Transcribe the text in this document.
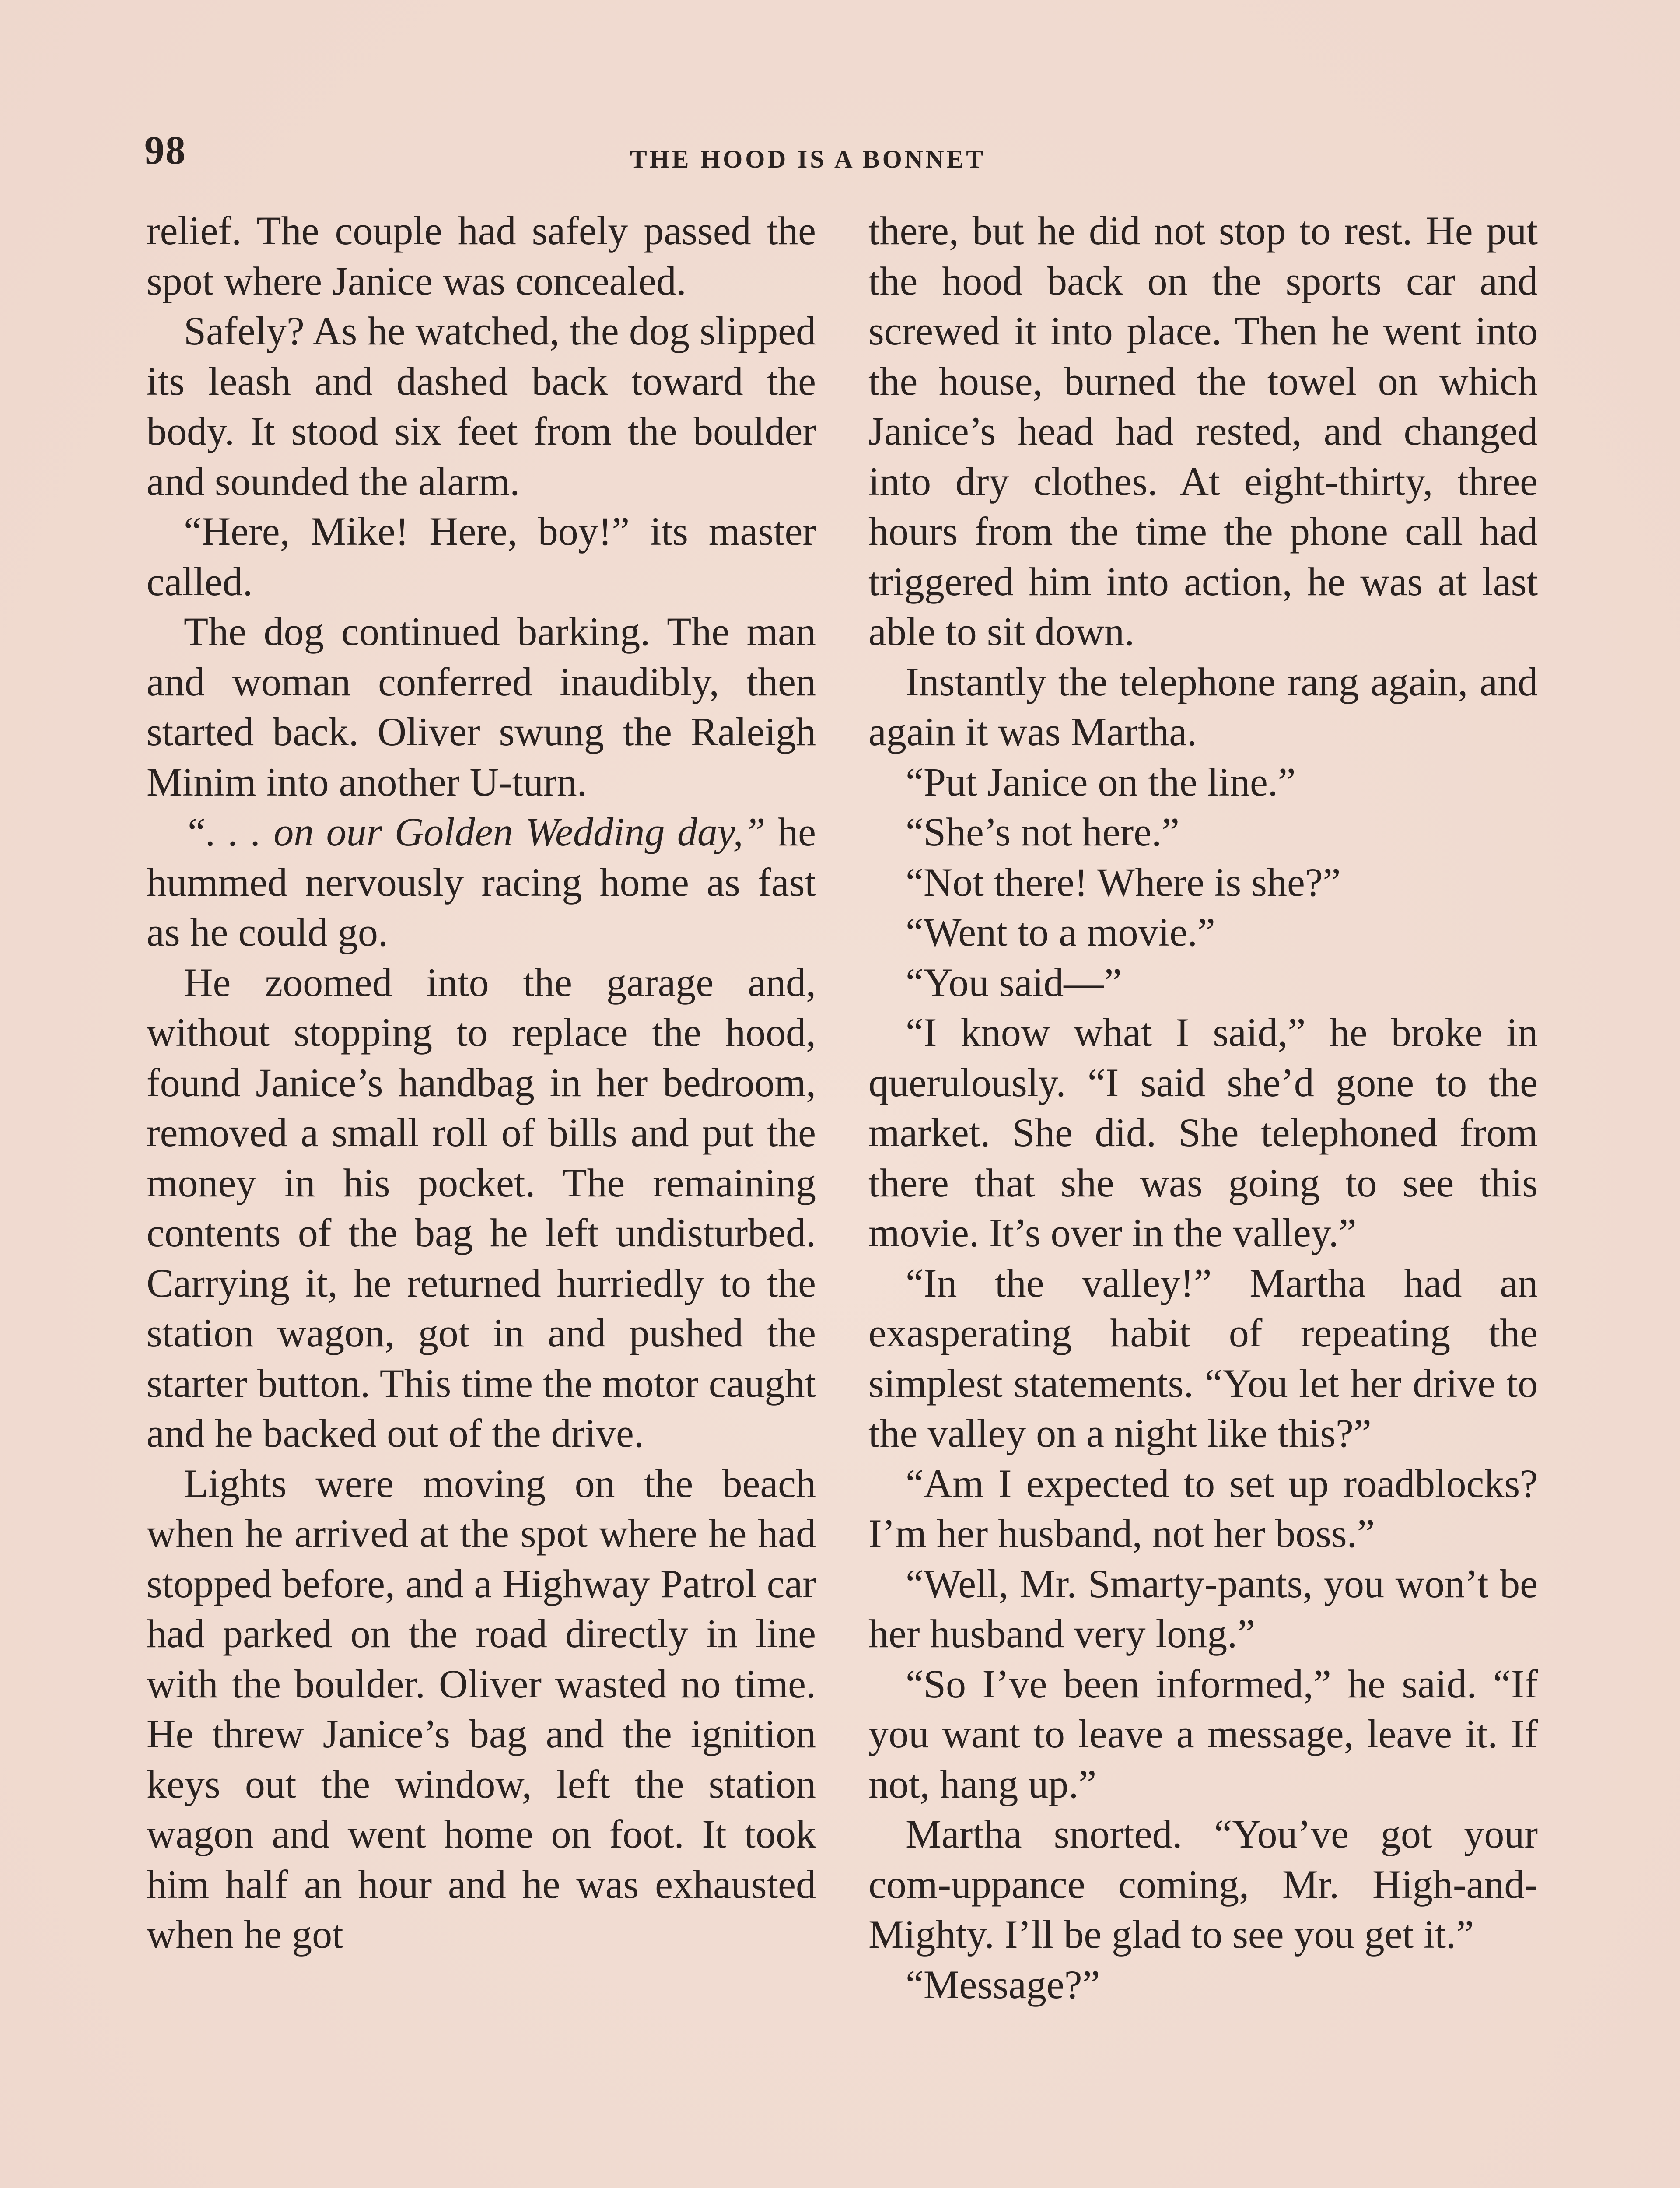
98	THE HOOD IS A BONNET

relief. The couple had safely passed the spot where Janice was concealed.

Safely? As he watched, the dog slipped its leash and dashed back toward the body. It stood six feet from the boulder and sounded the alarm.

“Here, Mike! Here, boy!” its master called.

The dog continued barking. The man and woman conferred inaudibly, then started back. Oliver swung the Raleigh Minim into another U-turn.

“. . . on our Golden Wedding day,” he hummed nervously racing home as fast as he could go.

He zoomed into the garage and, without stopping to replace the hood, found Janice’s handbag in her bedroom, removed a small roll of bills and put the money in his pocket. The remaining contents of the bag he left undisturbed. Carrying it, he returned hurriedly to the station wagon, got in and pushed the starter button. This time the motor caught and he backed out of the drive.

Lights were moving on the beach when he arrived at the spot where he had stopped before, and a Highway Patrol car had parked on the road directly in line with the boulder. Oliver wasted no time. He threw Janice’s bag and the ignition keys out the window, left the station wagon and went home on foot. It took him half an hour and he was exhausted when he got

there, but he did not stop to rest. He put the hood back on the sports car and screwed it into place. Then he went into the house, burned the towel on which Janice’s head had rested, and changed into dry clothes. At eight-thirty, three hours from the time the phone call had triggered him into action, he was at last able to sit down.

Instantly the telephone rang again, and again it was Martha.

“Put Janice on the line.”

“She’s not here.”

“Not there! Where is she?”

“Went to a movie.”

“You said—”

“I know what I said,” he broke in querulously. “I said she’d gone to the market. She did. She telephoned from there that she was going to see this movie. It’s over in the valley.”

“In the valley!” Martha had an exasperating habit of repeating the simplest statements. “You let her drive to the valley on a night like this?”

“Am I expected to set up roadblocks? I’m her husband, not her boss.”

“Well, Mr. Smarty-pants, you won’t be her husband very long.”

“So I’ve been informed,” he said. “If you want to leave a message, leave it. If not, hang up.”

Martha snorted. “You’ve got your com-uppance coming, Mr. High-and-Mighty. I’ll be glad to see you get it.”

“Message?”
